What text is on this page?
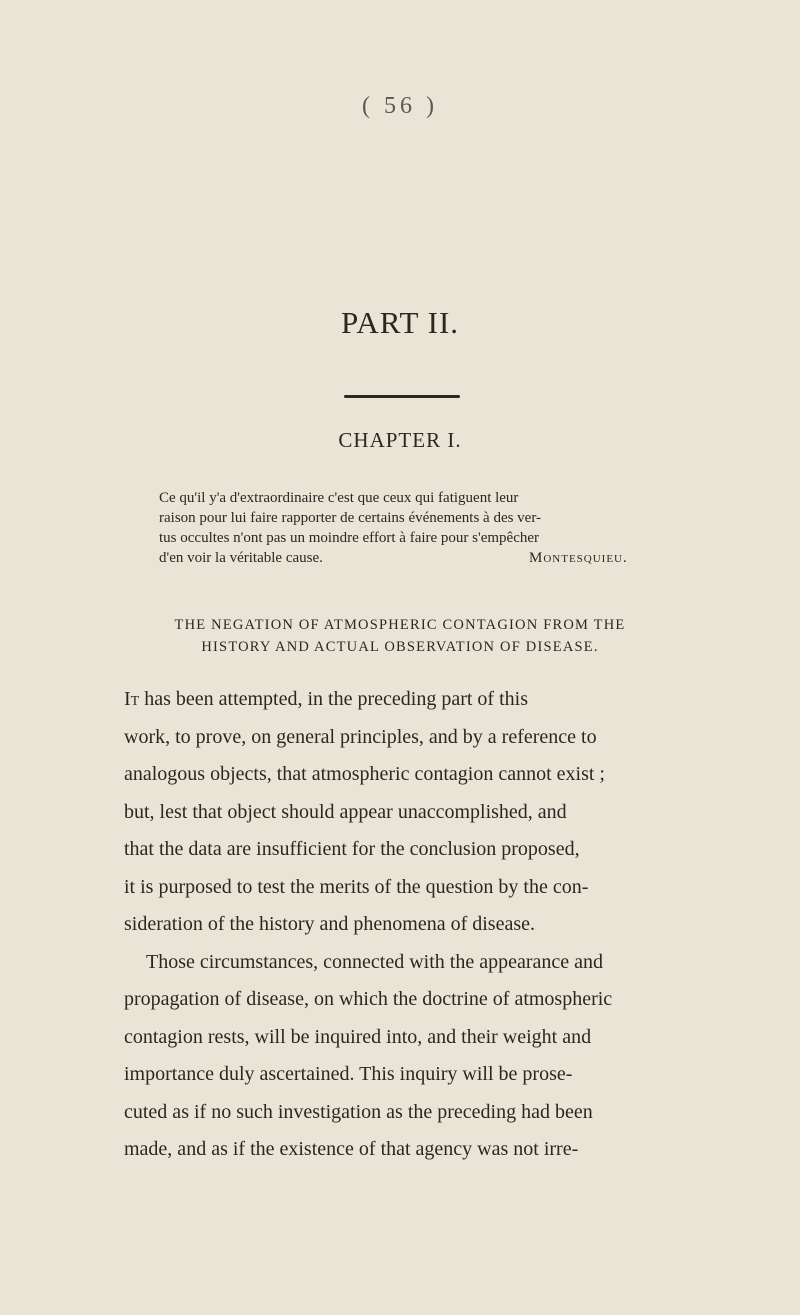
( 56 )
PART II.
CHAPTER I.
Ce qu'il y'a d'extraordinaire c'est que ceux qui fatiguent leur
raison pour lui faire rapporter de certains événements à des ver-
tus occultes n'ont pas un moindre effort à faire pour s'empêcher
d'en voir la véritable cause.	Montesquieu.
THE NEGATION OF ATMOSPHERIC CONTAGION FROM THE
HISTORY AND ACTUAL OBSERVATION OF DISEASE.
It has been attempted, in the preceding part of this
work, to prove, on general principles, and by a reference to
analogous objects, that atmospheric contagion cannot exist ;
but, lest that object should appear unaccomplished, and
that the data are insufficient for the conclusion proposed,
it is purposed to test the merits of the question by the con-
sideration of the history and phenomena of disease.
Those circumstances, connected with the appearance and
propagation of disease, on which the doctrine of atmospheric
contagion rests, will be inquired into, and their weight and
importance duly ascertained. This inquiry will be prose-
cuted as if no such investigation as the preceding had been
made, and as if the existence of that agency was not irre-
